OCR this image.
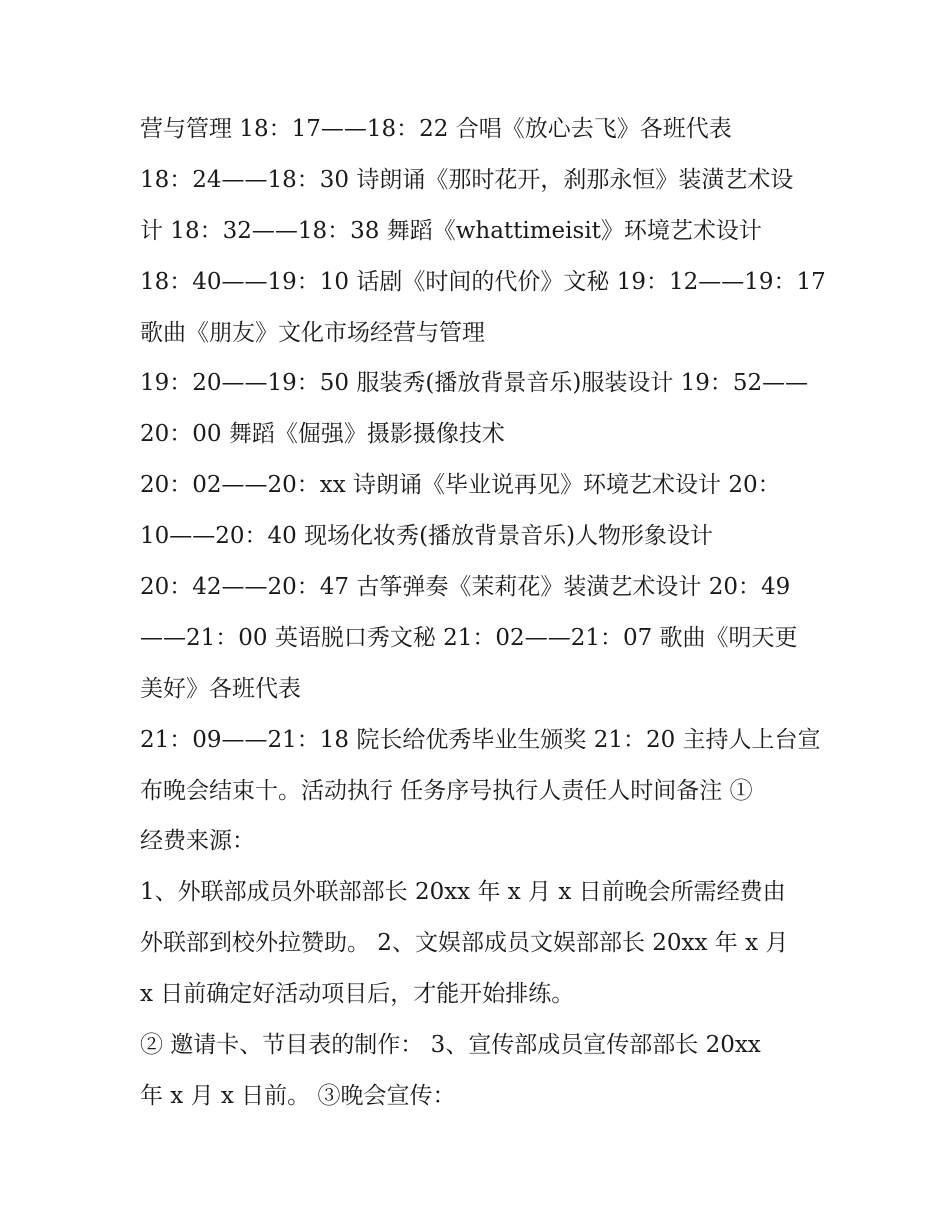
营与管理 18：17——18：22 合唱《放心去飞》各班代表
18：24——18：30 诗朗诵《那时花开，刹那永恒》装潢艺术设
计 18：32——18：38 舞蹈《whattimeisit》环境艺术设计
18：40——19：10 话剧《时间的代价》文秘 19：12——19：17
歌曲《朋友》文化市场经营与管理
19：20——19：50 服装秀(播放背景音乐)服装设计 19：52——
20：00 舞蹈《倔强》摄影摄像技术
20：02——20：xx 诗朗诵《毕业说再见》环境艺术设计 20：
10——20：40 现场化妆秀(播放背景音乐)人物形象设计
20：42——20：47 古筝弹奏《茉莉花》装潢艺术设计 20：49
——21：00 英语脱口秀文秘 21：02——21：07 歌曲《明天更
美好》各班代表
21：09——21：18 院长给优秀毕业生颁奖 21：20 主持人上台宣
布晚会结束十。活动执行 任务序号执行人责任人时间备注 ①
经费来源：
1、外联部成员外联部部长 20xx 年 x 月 x 日前晚会所需经费由
外联部到校外拉赞助。 2、文娱部成员文娱部部长 20xx 年 x 月
x 日前确定好活动项目后，才能开始排练。
② 邀请卡、节目表的制作： 3、宣传部成员宣传部部长 20xx
年 x 月 x 日前。 ③晚会宣传：
